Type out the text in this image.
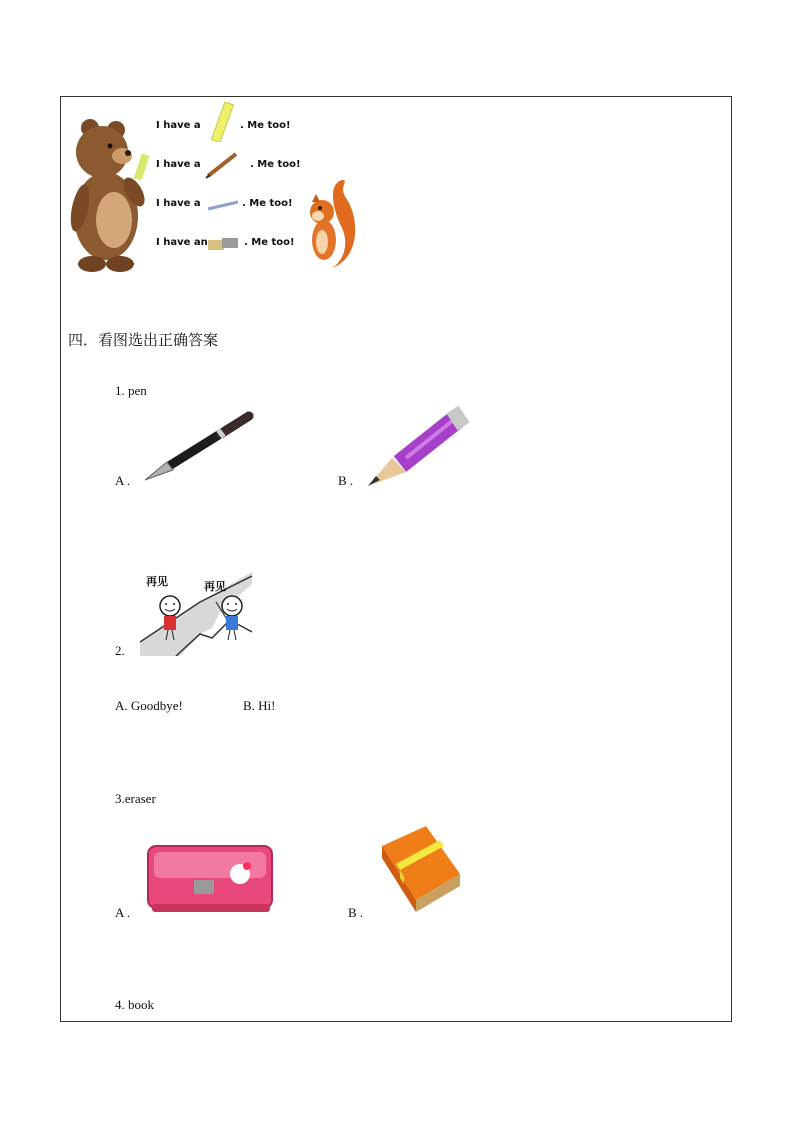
I have a	. Me too!
I have a	. Me too!
I have a	. Me too!
I have an	. Me too!
四．看图选出正确答案
1. pen
A .	B .
再见	再见
2.
A. Goodbye!	B. Hi!
3.eraser
A .	B .
4. book
